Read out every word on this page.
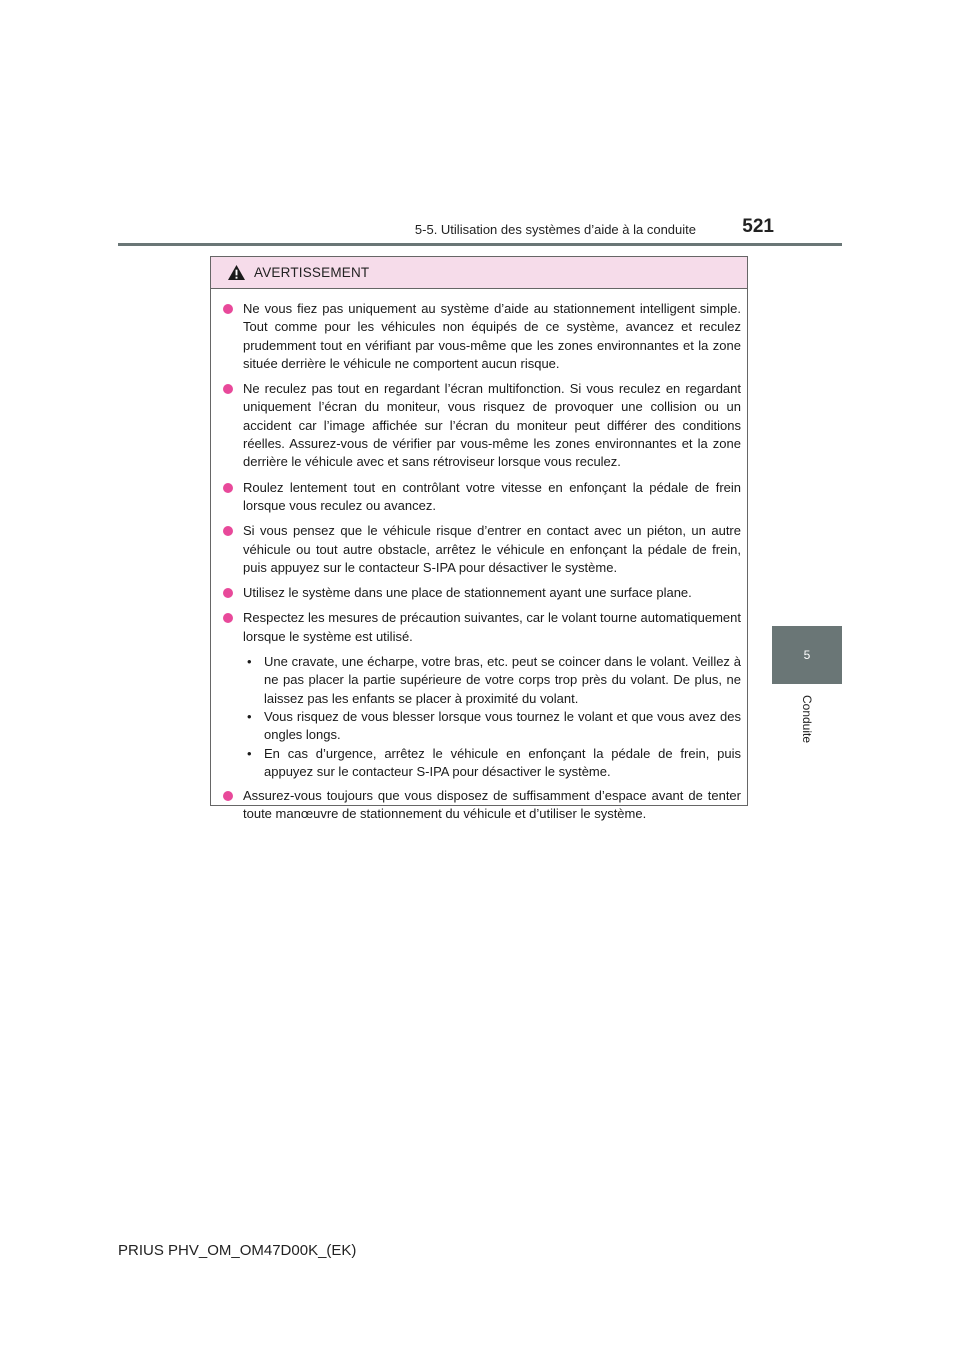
5-5. Utilisation des systèmes d’aide à la conduite	521
5
Conduite
AVERTISSEMENT
Ne vous fiez pas uniquement au système d’aide au stationnement intelligent simple. Tout comme pour les véhicules non équipés de ce système, avancez et reculez prudemment tout en vérifiant par vous-même que les zones environnantes et la zone située derrière le véhicule ne comportent aucun risque.
Ne reculez pas tout en regardant l’écran multifonction. Si vous reculez en regardant uniquement l’écran du moniteur, vous risquez de provoquer une collision ou un accident car l’image affichée sur l’écran du moniteur peut différer des conditions réelles. Assurez-vous de vérifier par vous-même les zones environnantes et la zone derrière le véhicule avec et sans rétroviseur lorsque vous reculez.
Roulez lentement tout en contrôlant votre vitesse en enfonçant la pédale de frein lorsque vous reculez ou avancez.
Si vous pensez que le véhicule risque d’entrer en contact avec un piéton, un autre véhicule ou tout autre obstacle, arrêtez le véhicule en enfonçant la pédale de frein, puis appuyez sur le contacteur S-IPA pour désactiver le système.
Utilisez le système dans une place de stationnement ayant une surface plane.
Respectez les mesures de précaution suivantes, car le volant tourne automatiquement lorsque le système est utilisé.
• Une cravate, une écharpe, votre bras, etc. peut se coincer dans le volant. Veillez à ne pas placer la partie supérieure de votre corps trop près du volant. De plus, ne laissez pas les enfants se placer à proximité du volant.
• Vous risquez de vous blesser lorsque vous tournez le volant et que vous avez des ongles longs.
• En cas d’urgence, arrêtez le véhicule en enfonçant la pédale de frein, puis appuyez sur le contacteur S-IPA pour désactiver le système.
Assurez-vous toujours que vous disposez de suffisamment d’espace avant de tenter toute manœuvre de stationnement du véhicule et d’utiliser le système.
PRIUS PHV_OM_OM47D00K_(EK)
